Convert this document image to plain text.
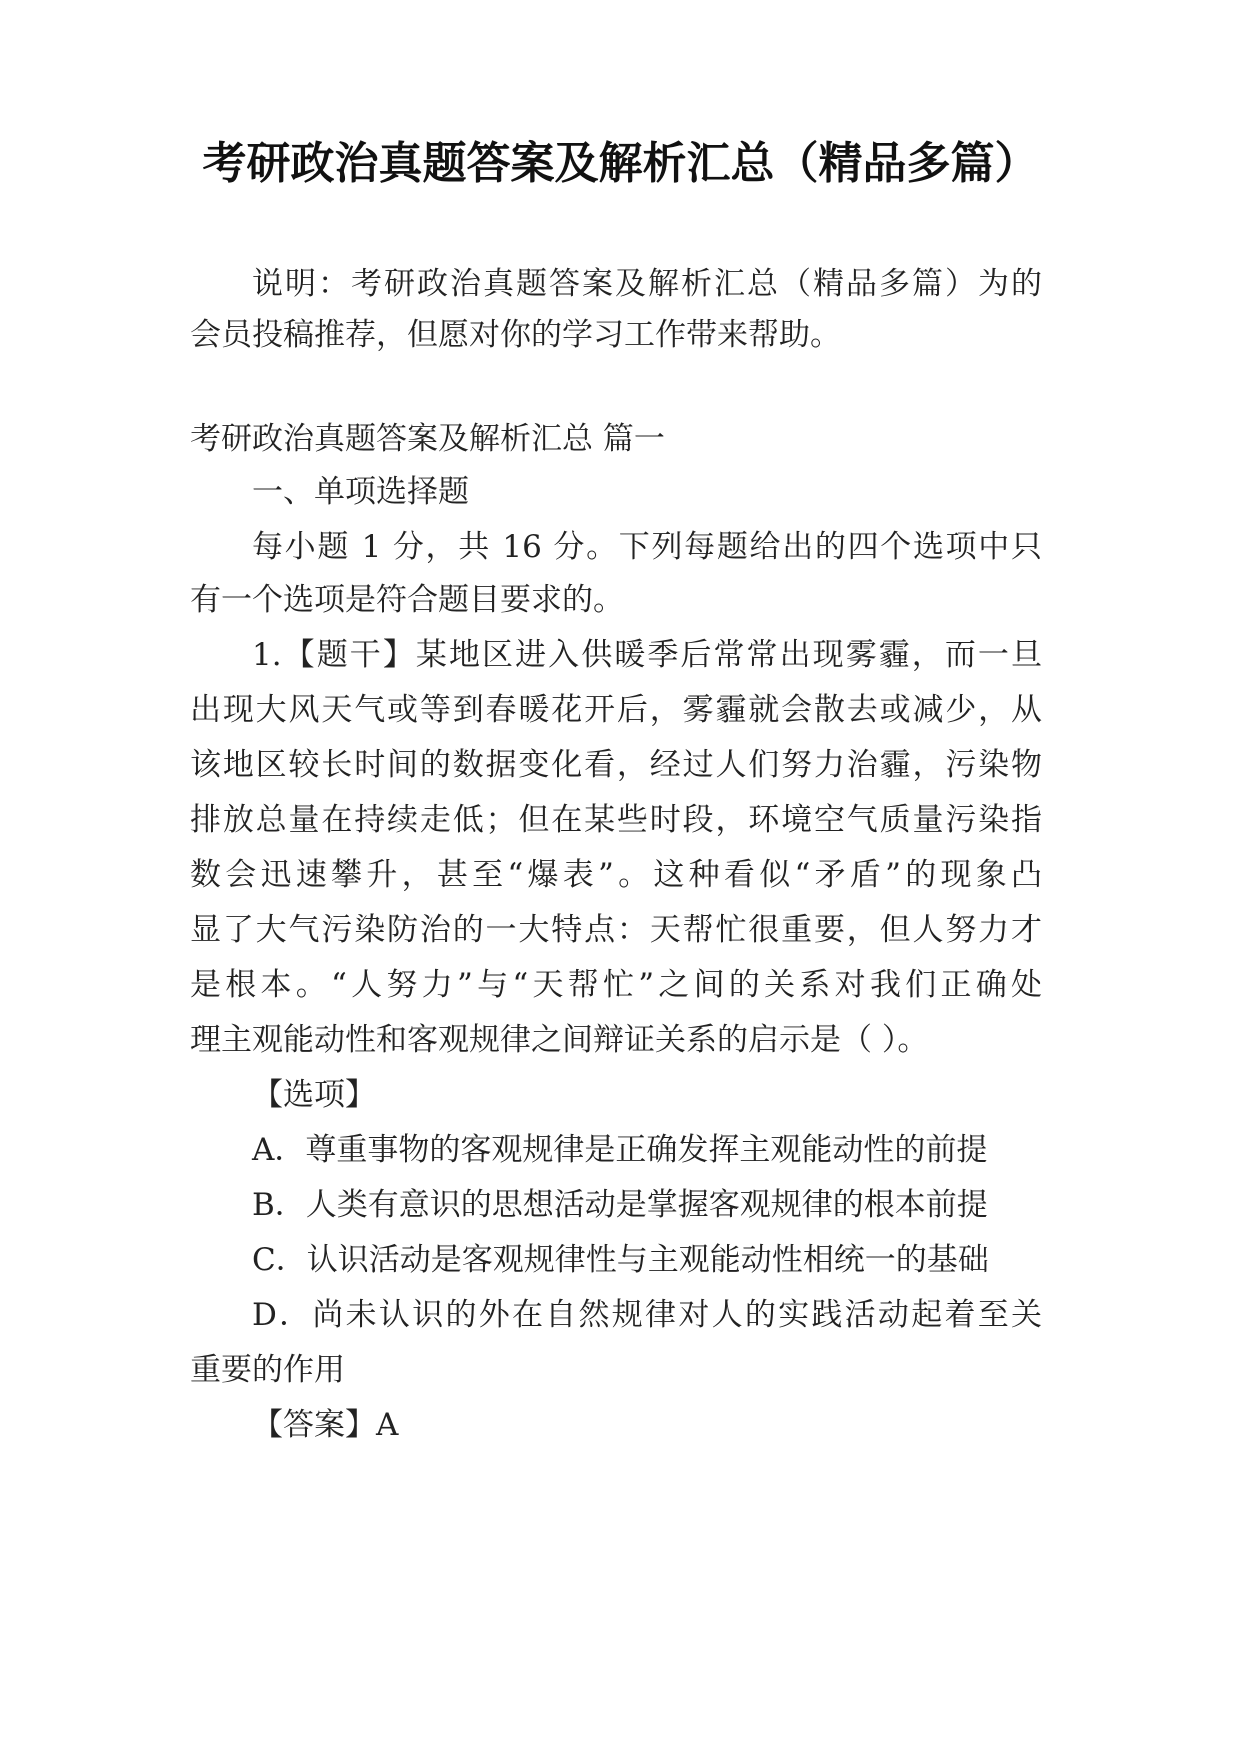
考研政治真题答案及解析汇总（精品多篇）
说明：考研政治真题答案及解析汇总（精品多篇）为的
会员投稿推荐，但愿对你的学习工作带来帮助。
考研政治真题答案及解析汇总 篇一
一、单项选择题
每小题 1 分，共 16 分。下列每题给出的四个选项中只
有一个选项是符合题目要求的。
1.【题干】某地区进入供暖季后常常出现雾霾，而一旦
出现大风天气或等到春暖花开后，雾霾就会散去或减少，从
该地区较长时间的数据变化看，经过人们努力治霾，污染物
排放总量在持续走低；但在某些时段，环境空气质量污染指
数会迅速攀升，甚至“爆表”。这种看似“矛盾”的现象凸
显了大气污染防治的一大特点：天帮忙很重要，但人努力才
是根本。“人努力”与“天帮忙”之间的关系对我们正确处
理主观能动性和客观规律之间辩证关系的启示是（ ）。
【选项】
A．尊重事物的客观规律是正确发挥主观能动性的前提
B．人类有意识的思想活动是掌握客观规律的根本前提
C．认识活动是客观规律性与主观能动性相统一的基础
D．尚未认识的外在自然规律对人的实践活动起着至关
重要的作用
【答案】A
